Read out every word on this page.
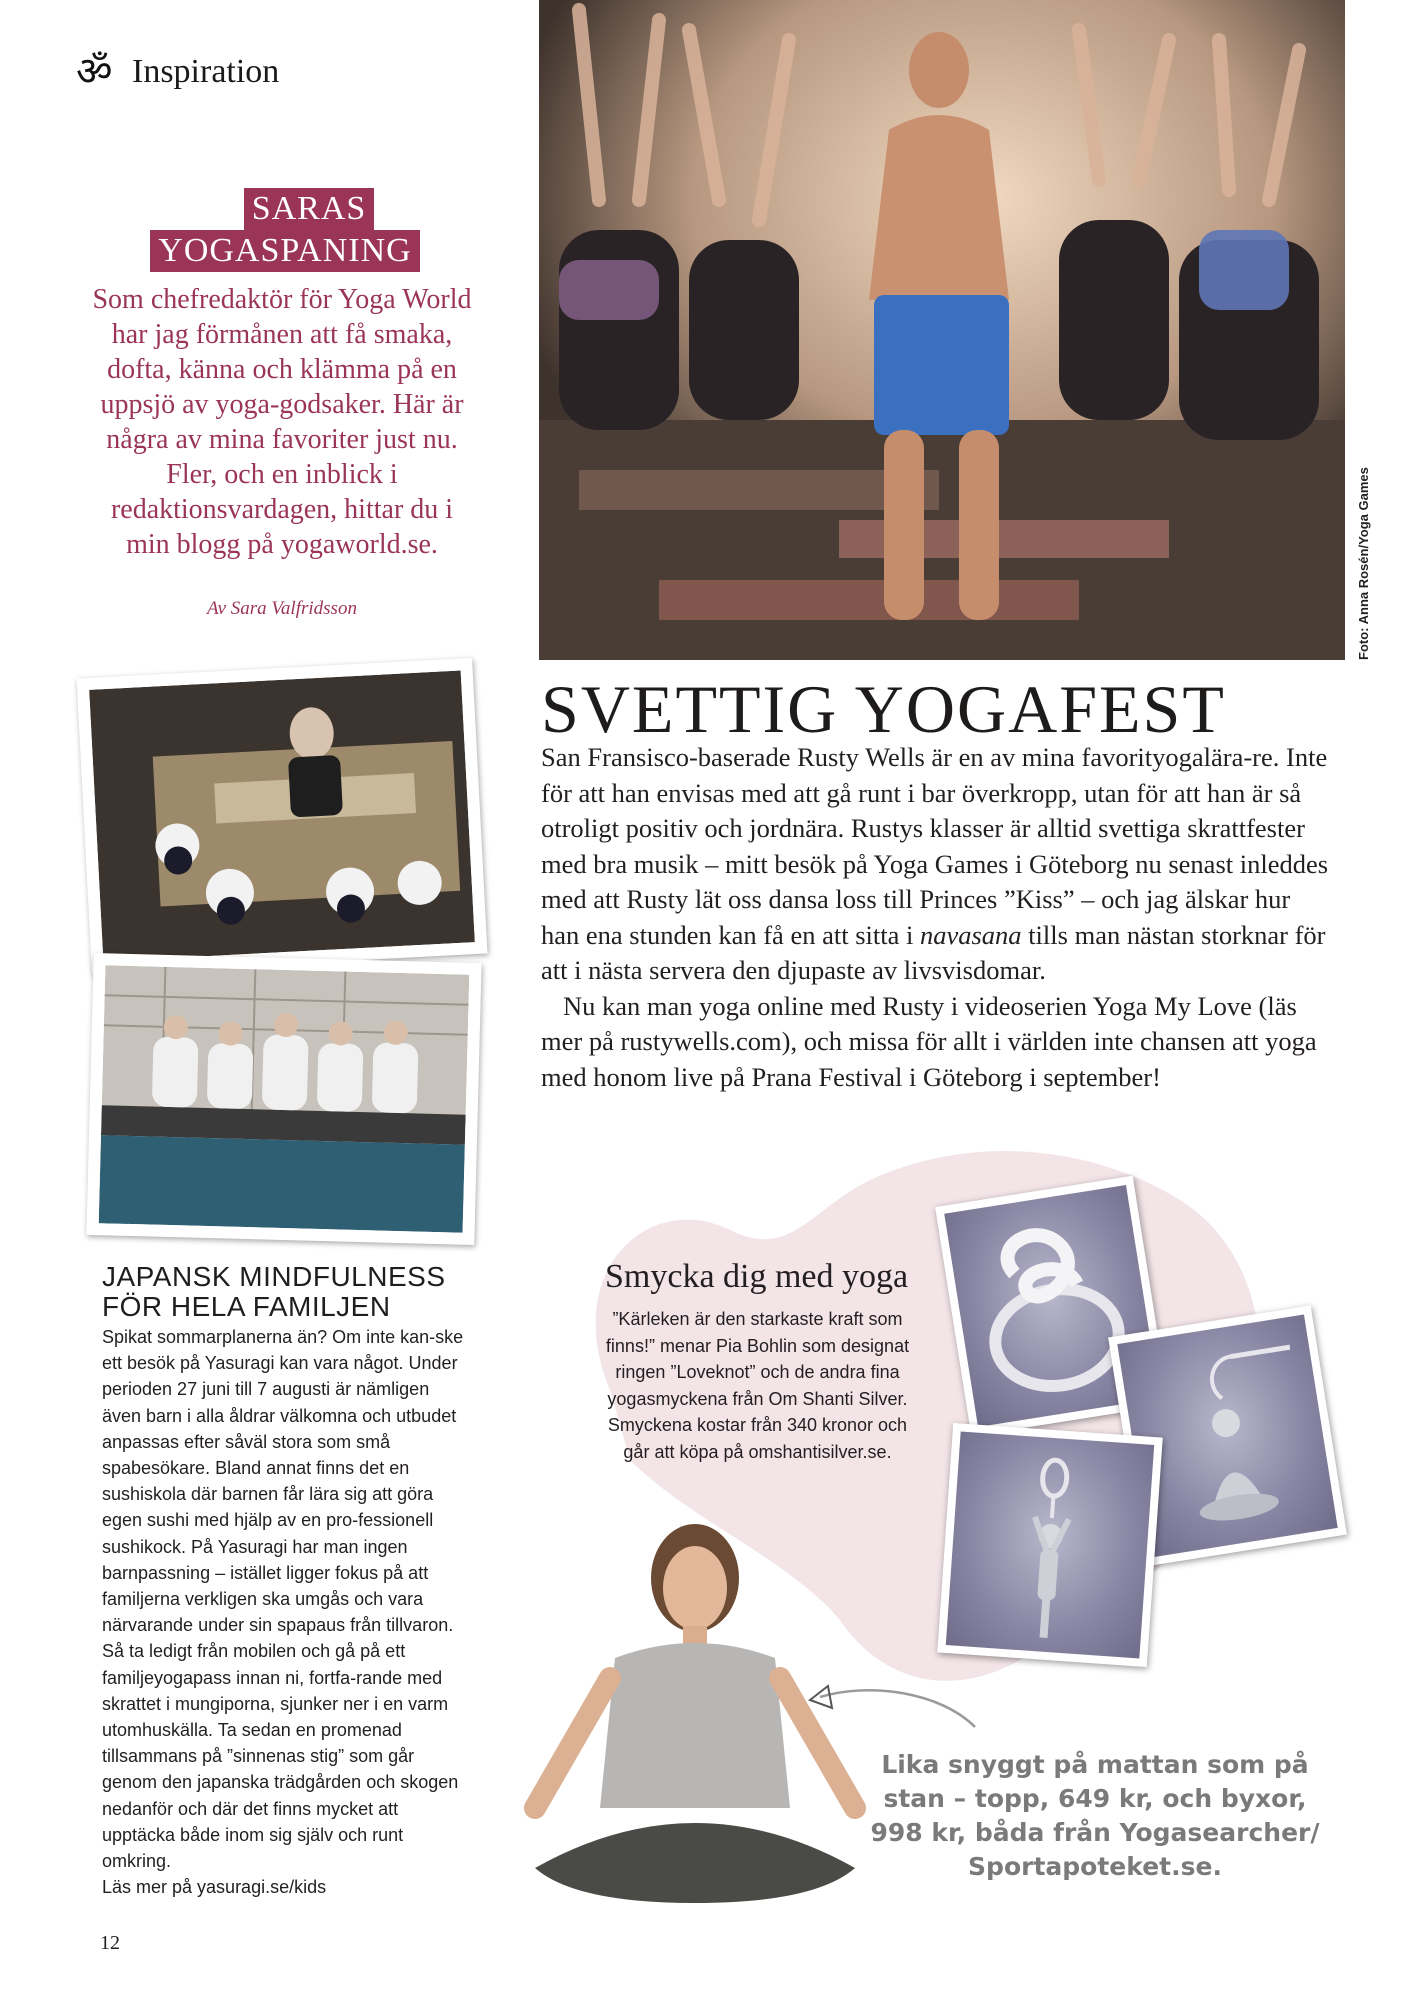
ॐ Inspiration
SARAS
YOGASPANING
Som chefredaktör för Yoga World har jag förmånen att få smaka, dofta, känna och klämma på en uppsjö av yoga-godsaker. Här är några av mina favoriter just nu. Fler, och en inblick i redaktionsvardagen, hittar du i min blogg på yogaworld.se.
Av Sara Valfridsson	Foto: Anna Rosén/Yoga Games
SVETTIG YOGAFEST

San Fransisco-baserade Rusty Wells är en av mina favorityogalära-re. Inte för att han envisas med att gå runt i bar överkropp, utan för att han är så otroligt positiv och jordnära. Rustys klasser är alltid svettiga skrattfester med bra musik – mitt besök på Yoga Games i Göteborg nu senast inleddes med att Rusty lät oss dansa loss till Princes ”Kiss” – och jag älskar hur han ena stunden kan få en att sitta i navasana tills man nästan storknar för att i nästa servera den djupaste av livsvisdomar.

Nu kan man yoga online med Rusty i videoserien Yoga My Love (läs mer på rustywells.com), och missa för allt i världen inte chansen att yoga med honom live på Prana Festival i Göteborg i september!

JAPANSK MINDFULNESS
FÖR HELA FAMILJEN
Spikat sommarplanerna än? Om inte kan-ske ett besök på Yasuragi kan vara något. Under perioden 27 juni till 7 augusti är nämligen även barn i alla åldrar välkomna och utbudet anpassas efter såväl stora som små spabesökare. Bland annat finns det en sushiskola där barnen får lära sig att göra egen sushi med hjälp av en pro-fessionell sushikock. På Yasuragi har man ingen barnpassning – istället ligger fokus på att familjerna verkligen ska umgås och vara närvarande under sin spapaus från tillvaron. Så ta ledigt från mobilen och gå på ett familjeyogapass innan ni, fortfa-rande med skrattet i mungiporna, sjunker ner i en varm utomhuskälla. Ta sedan en promenad tillsammans på ”sinnenas stig” som går genom den japanska trädgården och skogen nedanför och där det finns mycket att upptäcka både inom sig själv och runt omkring.
Läs mer på yasuragi.se/kids
Smycka dig med yoga
”Kärleken är den starkaste kraft som finns!” menar Pia Bohlin som designat ringen ”Loveknot” och de andra fina yogasmyckena från Om Shanti Silver. Smyckena kostar från 340 kronor och går att köpa på omshantisilver.se.
Lika snyggt på mattan som på
stan – topp, 649 kr, och byxor,
998 kr, båda från Yogasearcher/
Sportapoteket.se.
12
